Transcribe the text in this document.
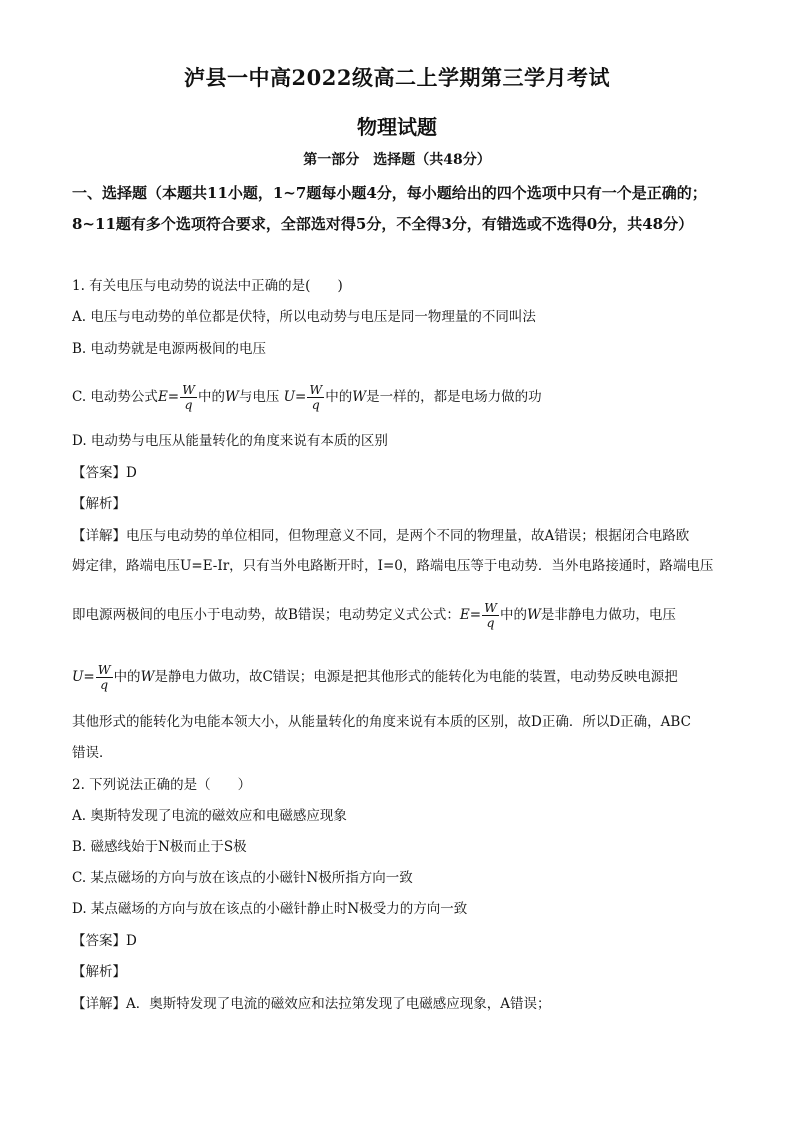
泸县一中高2022级高二上学期第三学月考试
物理试题
第一部分　选择题（共48分）
一、选择题（本题共11小题，1~7题每小题4分，每小题给出的四个选项中只有一个是正确的；8~11题有多个选项符合要求，全部选对得5分，不全得3分，有错选或不选得0分，共48分）
1. 有关电压与电动势的说法中正确的是(　　)
A. 电压与电动势的单位都是伏特，所以电动势与电压是同一物理量的不同叫法
B. 电动势就是电源两极间的电压
C. 电动势公式$E= \frac{W}{q}$ 中的W与电压 $U= \frac{W}{q}$ 中的W是一样的，都是电场力做的功
D. 电动势与电压从能量转化的角度来说有本质的区别
【答案】D
【解析】
【详解】电压与电动势的单位相同，但物理意义不同，是两个不同的物理量，故A错误；根据闭合电路欧
姆定律，路端电压U=E-Ir，只有当外电路断开时，I=0，路端电压等于电动势．当外电路接通时，路端电压
即电源两极间的电压小于电动势，故B错误；电动势定义式公式：$E= \frac{W}{q}$ 中的W是非静电力做功，电压
$U= \frac{W}{q}$ 中的W是静电力做功，故C错误；电源是把其他形式的能转化为电能的装置，电动势反映电源把
其他形式的能转化为电能本领大小，从能量转化的角度来说有本质的区别，故D正确．所以D正确，ABC
错误．
2. 下列说法正确的是（　　）
A. 奥斯特发现了电流的磁效应和电磁感应现象
B. 磁感线始于N极而止于S极
C. 某点磁场的方向与放在该点的小磁针N极所指方向一致
D. 某点磁场的方向与放在该点的小磁针静止时N极受力的方向一致
【答案】D
【解析】
【详解】A．奥斯特发现了电流的磁效应和法拉第发现了电磁感应现象，A错误；
